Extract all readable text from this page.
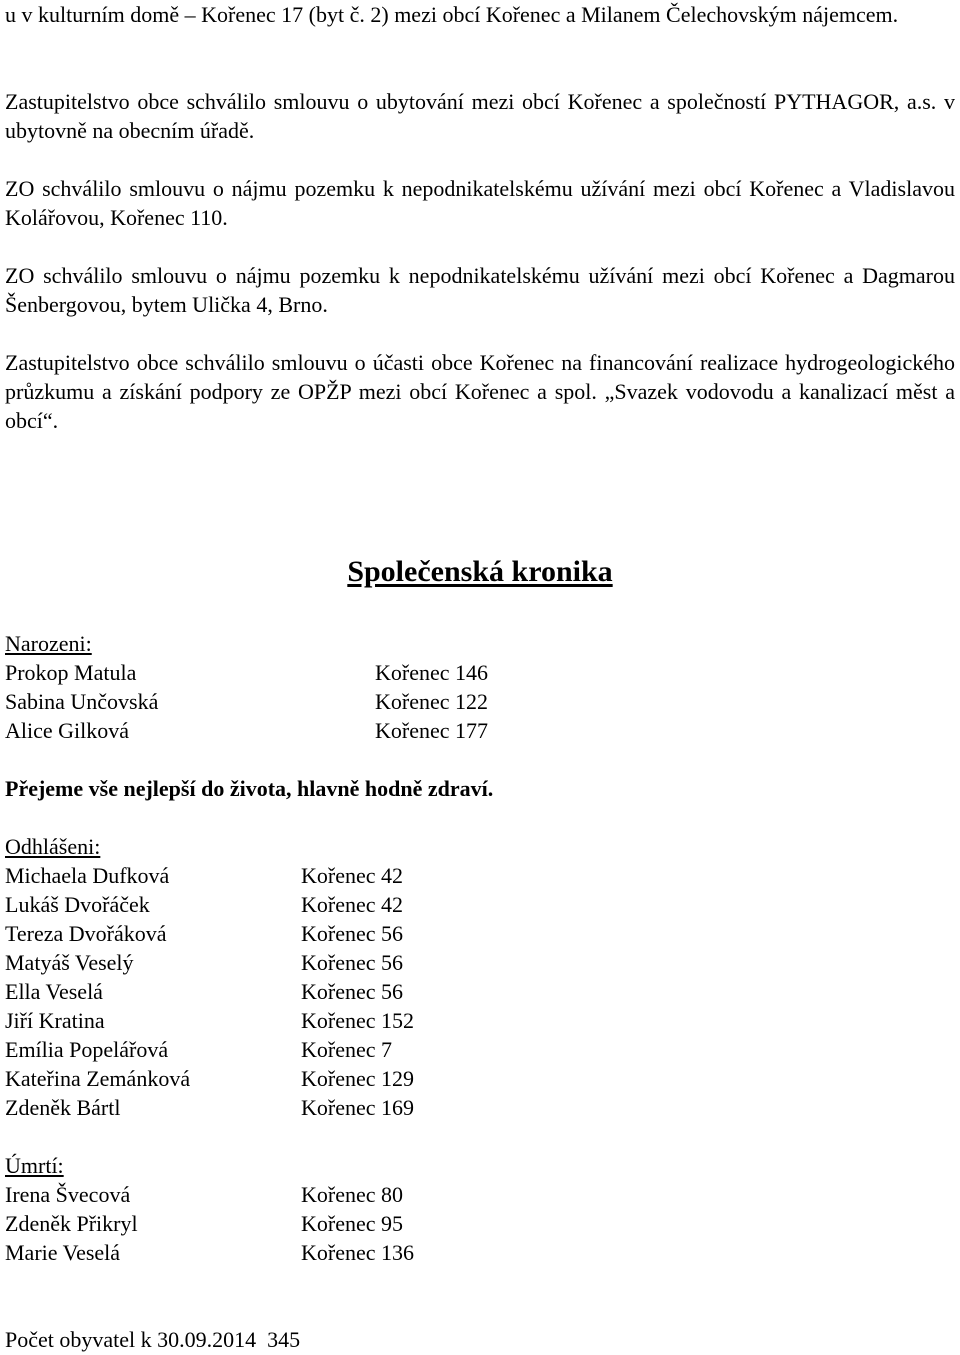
u v kulturním domě – Kořenec 17 (byt č. 2) mezi obcí Kořenec a Milanem Čelechovským nájemcem.

Zastupitelstvo obce schválilo smlouvu o ubytování mezi obcí Kořenec a společností PYTHAGOR, a.s. v ubytovně na obecním úřadě.

ZO schválilo smlouvu o nájmu pozemku k nepodnikatelskému užívání mezi obcí Kořenec a Vladislavou Kolářovou, Kořenec 110.

ZO schválilo smlouvu o nájmu pozemku k nepodnikatelskému užívání mezi obcí Kořenec a Dagmarou Šenbergovou, bytem Ulička 4, Brno.

Zastupitelstvo obce schválilo smlouvu o účasti obce Kořenec na financování realizace hydrogeologického průzkumu a získání podpory ze OPŽP mezi obcí Kořenec a spol. „Svazek vodovodu a kanalizací měst a obcí“.

Společenská kronika
Narozeni:
Prokop Matula	Kořenec 146
Sabina Unčovská	Kořenec 122
Alice Gilková	Kořenec 177
Přejeme vše nejlepší do života, hlavně hodně zdraví.
Odhlášeni:
Michaela Dufková	Kořenec 42
Lukáš Dvořáček	Kořenec 42
Tereza Dvořáková	Kořenec 56
Matyáš Veselý	Kořenec 56
Ella Veselá	Kořenec 56
Jiří Kratina	Kořenec 152
Emília Popelářová	Kořenec 7
Kateřina Zemánková	Kořenec 129
Zdeněk Bártl	Kořenec 169
Úmrtí:
Irena Švecová	Kořenec 80
Zdeněk Přikryl	Kořenec 95
Marie Veselá	Kořenec 136
Počet obyvatel k 30.09.2014  345
